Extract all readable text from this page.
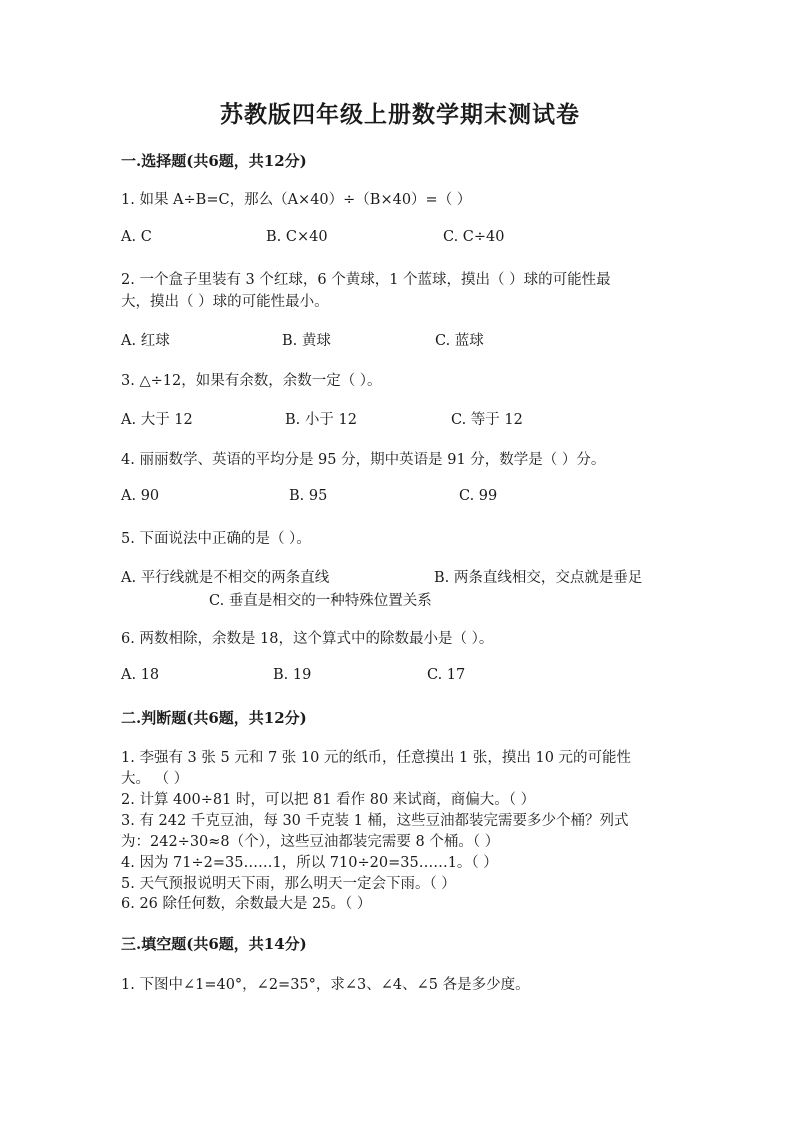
苏教版四年级上册数学期末测试卷
一.选择题(共6题，共12分)
1. 如果 A÷B=C，那么（A×40）÷（B×40）=（ ）
A. C	B. C×40	C. C÷40
2. 一个盒子里装有 3 个红球，6 个黄球，1 个蓝球，摸出（ ）球的可能性最
大，摸出（ ）球的可能性最小。
A. 红球	B. 黄球	C. 蓝球
3. △÷12，如果有余数，余数一定（ ）。
A. 大于 12	B. 小于 12	C. 等于 12
4. 丽丽数学、英语的平均分是 95 分，期中英语是 91 分，数学是（ ）分。
A. 90	B. 95	C. 99
5. 下面说法中正确的是（ ）。
A. 平行线就是不相交的两条直线	B. 两条直线相交，交点就是垂足
C. 垂直是相交的一种特殊位置关系
6. 两数相除，余数是 18，这个算式中的除数最小是（ ）。
A. 18	B. 19	C. 17
二.判断题(共6题，共12分)
1. 李强有 3 张 5 元和 7 张 10 元的纸币，任意摸出 1 张，摸出 10 元的可能性
大。 （ ）
2. 计算 400÷81 时，可以把 81 看作 80 来试商，商偏大。（ ）
3. 有 242 千克豆油，每 30 千克装 1 桶，这些豆油都装完需要多少个桶？列式
为：242÷30≈8（个），这些豆油都装完需要 8 个桶。（ ）
4. 因为 71÷2=35……1，所以 710÷20=35……1。（ ）
5. 天气预报说明天下雨，那么明天一定会下雨。（ ）
6. 26 除任何数，余数最大是 25。（ ）
三.填空题(共6题，共14分)
1. 下图中∠1=40°，∠2=35°，求∠3、∠4、∠5 各是多少度。
